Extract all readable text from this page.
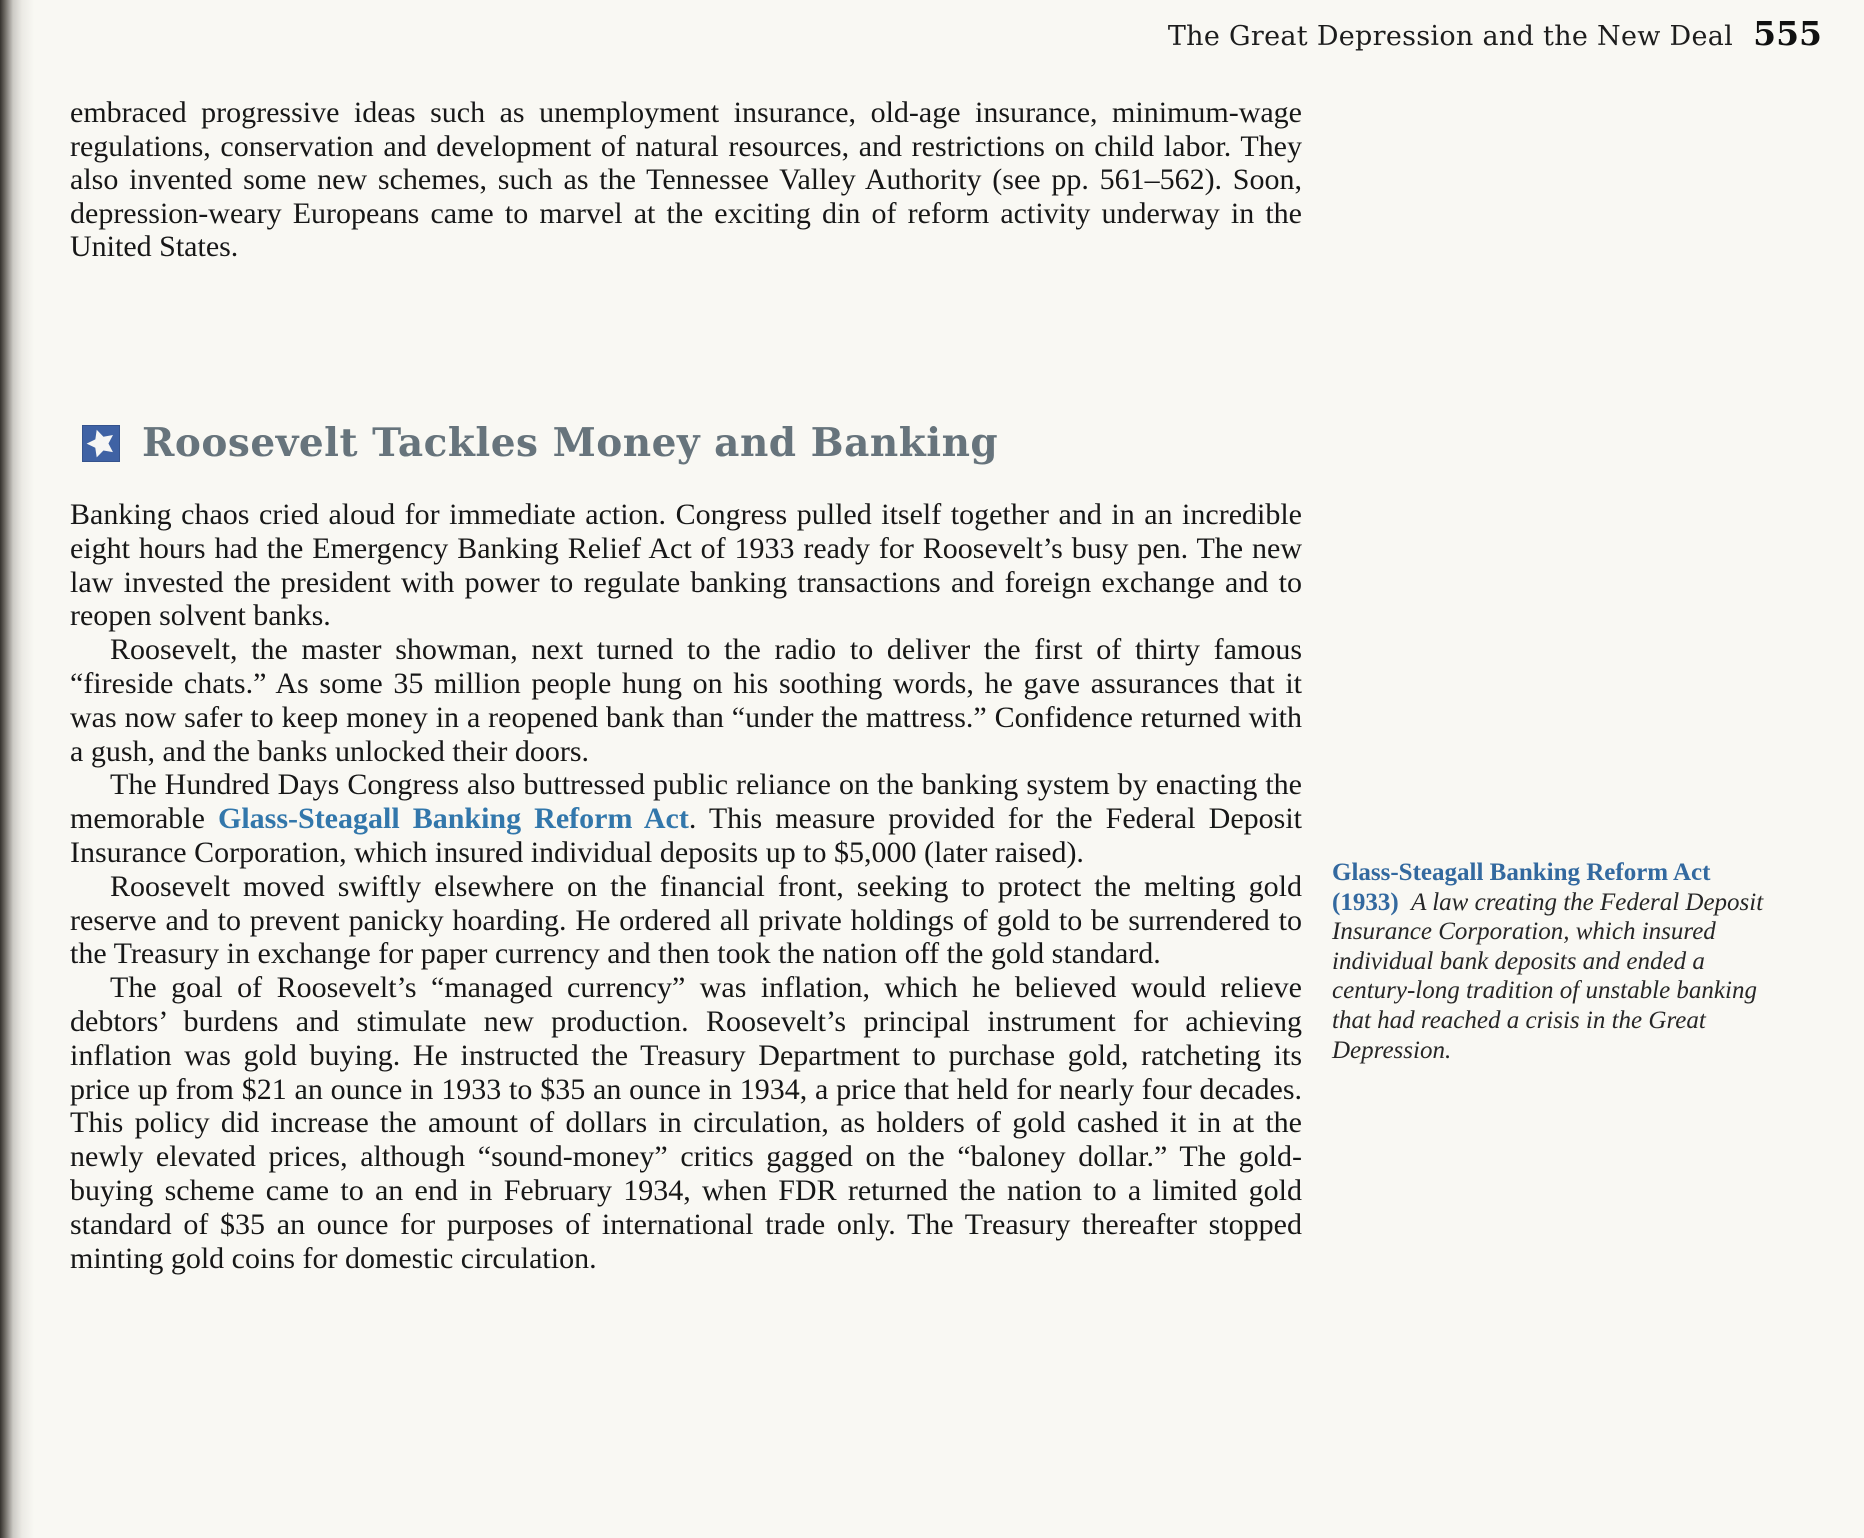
The Great Depression and the New Deal 555
embraced progressive ideas such as unemployment insurance, old-age insurance, minimum-wage regulations, conservation and development of natural resources, and restrictions on child labor. They also invented some new schemes, such as the Tennessee Valley Authority (see pp. 561–562). Soon, depression-weary Europeans came to marvel at the exciting din of reform activity underway in the United States.
Roosevelt Tackles Money and Banking

Banking chaos cried aloud for immediate action. Congress pulled itself together and in an incredible eight hours had the Emergency Banking Relief Act of 1933 ready for Roosevelt’s busy pen. The new law invested the president with power to regulate banking transactions and foreign exchange and to reopen solvent banks.

Roosevelt, the master showman, next turned to the radio to deliver the first of thirty famous “fireside chats.” As some 35 million people hung on his soothing words, he gave assurances that it was now safer to keep money in a reopened bank than “under the mattress.” Confidence returned with a gush, and the banks unlocked their doors.

The Hundred Days Congress also buttressed public reliance on the banking system by enacting the memorable Glass-Steagall Banking Reform Act. This measure provided for the Federal Deposit Insurance Corporation, which insured individual deposits up to $5,000 (later raised).

Roosevelt moved swiftly elsewhere on the financial front, seeking to protect the melting gold reserve and to prevent panicky hoarding. He ordered all private holdings of gold to be surrendered to the Treasury in exchange for paper currency and then took the nation off the gold standard.

The goal of Roosevelt’s “managed currency” was inflation, which he believed would relieve debtors’ burdens and stimulate new production. Roosevelt’s principal instrument for achieving inflation was gold buying. He instructed the Treasury Department to purchase gold, ratcheting its price up from $21 an ounce in 1933 to $35 an ounce in 1934, a price that held for nearly four decades. This policy did increase the amount of dollars in circulation, as holders of gold cashed it in at the newly elevated prices, although “sound-money” critics gagged on the “baloney dollar.” The gold-buying scheme came to an end in February 1934, when FDR returned the nation to a limited gold standard of $35 an ounce for purposes of international trade only. The Treasury thereafter stopped minting gold coins for domestic circulation.

Glass-Steagall Banking Reform Act (1933)  A law creating the Federal Deposit Insurance Corporation, which insured individual bank deposits and ended a century-long tradition of unstable banking that had reached a crisis in the Great Depression.
